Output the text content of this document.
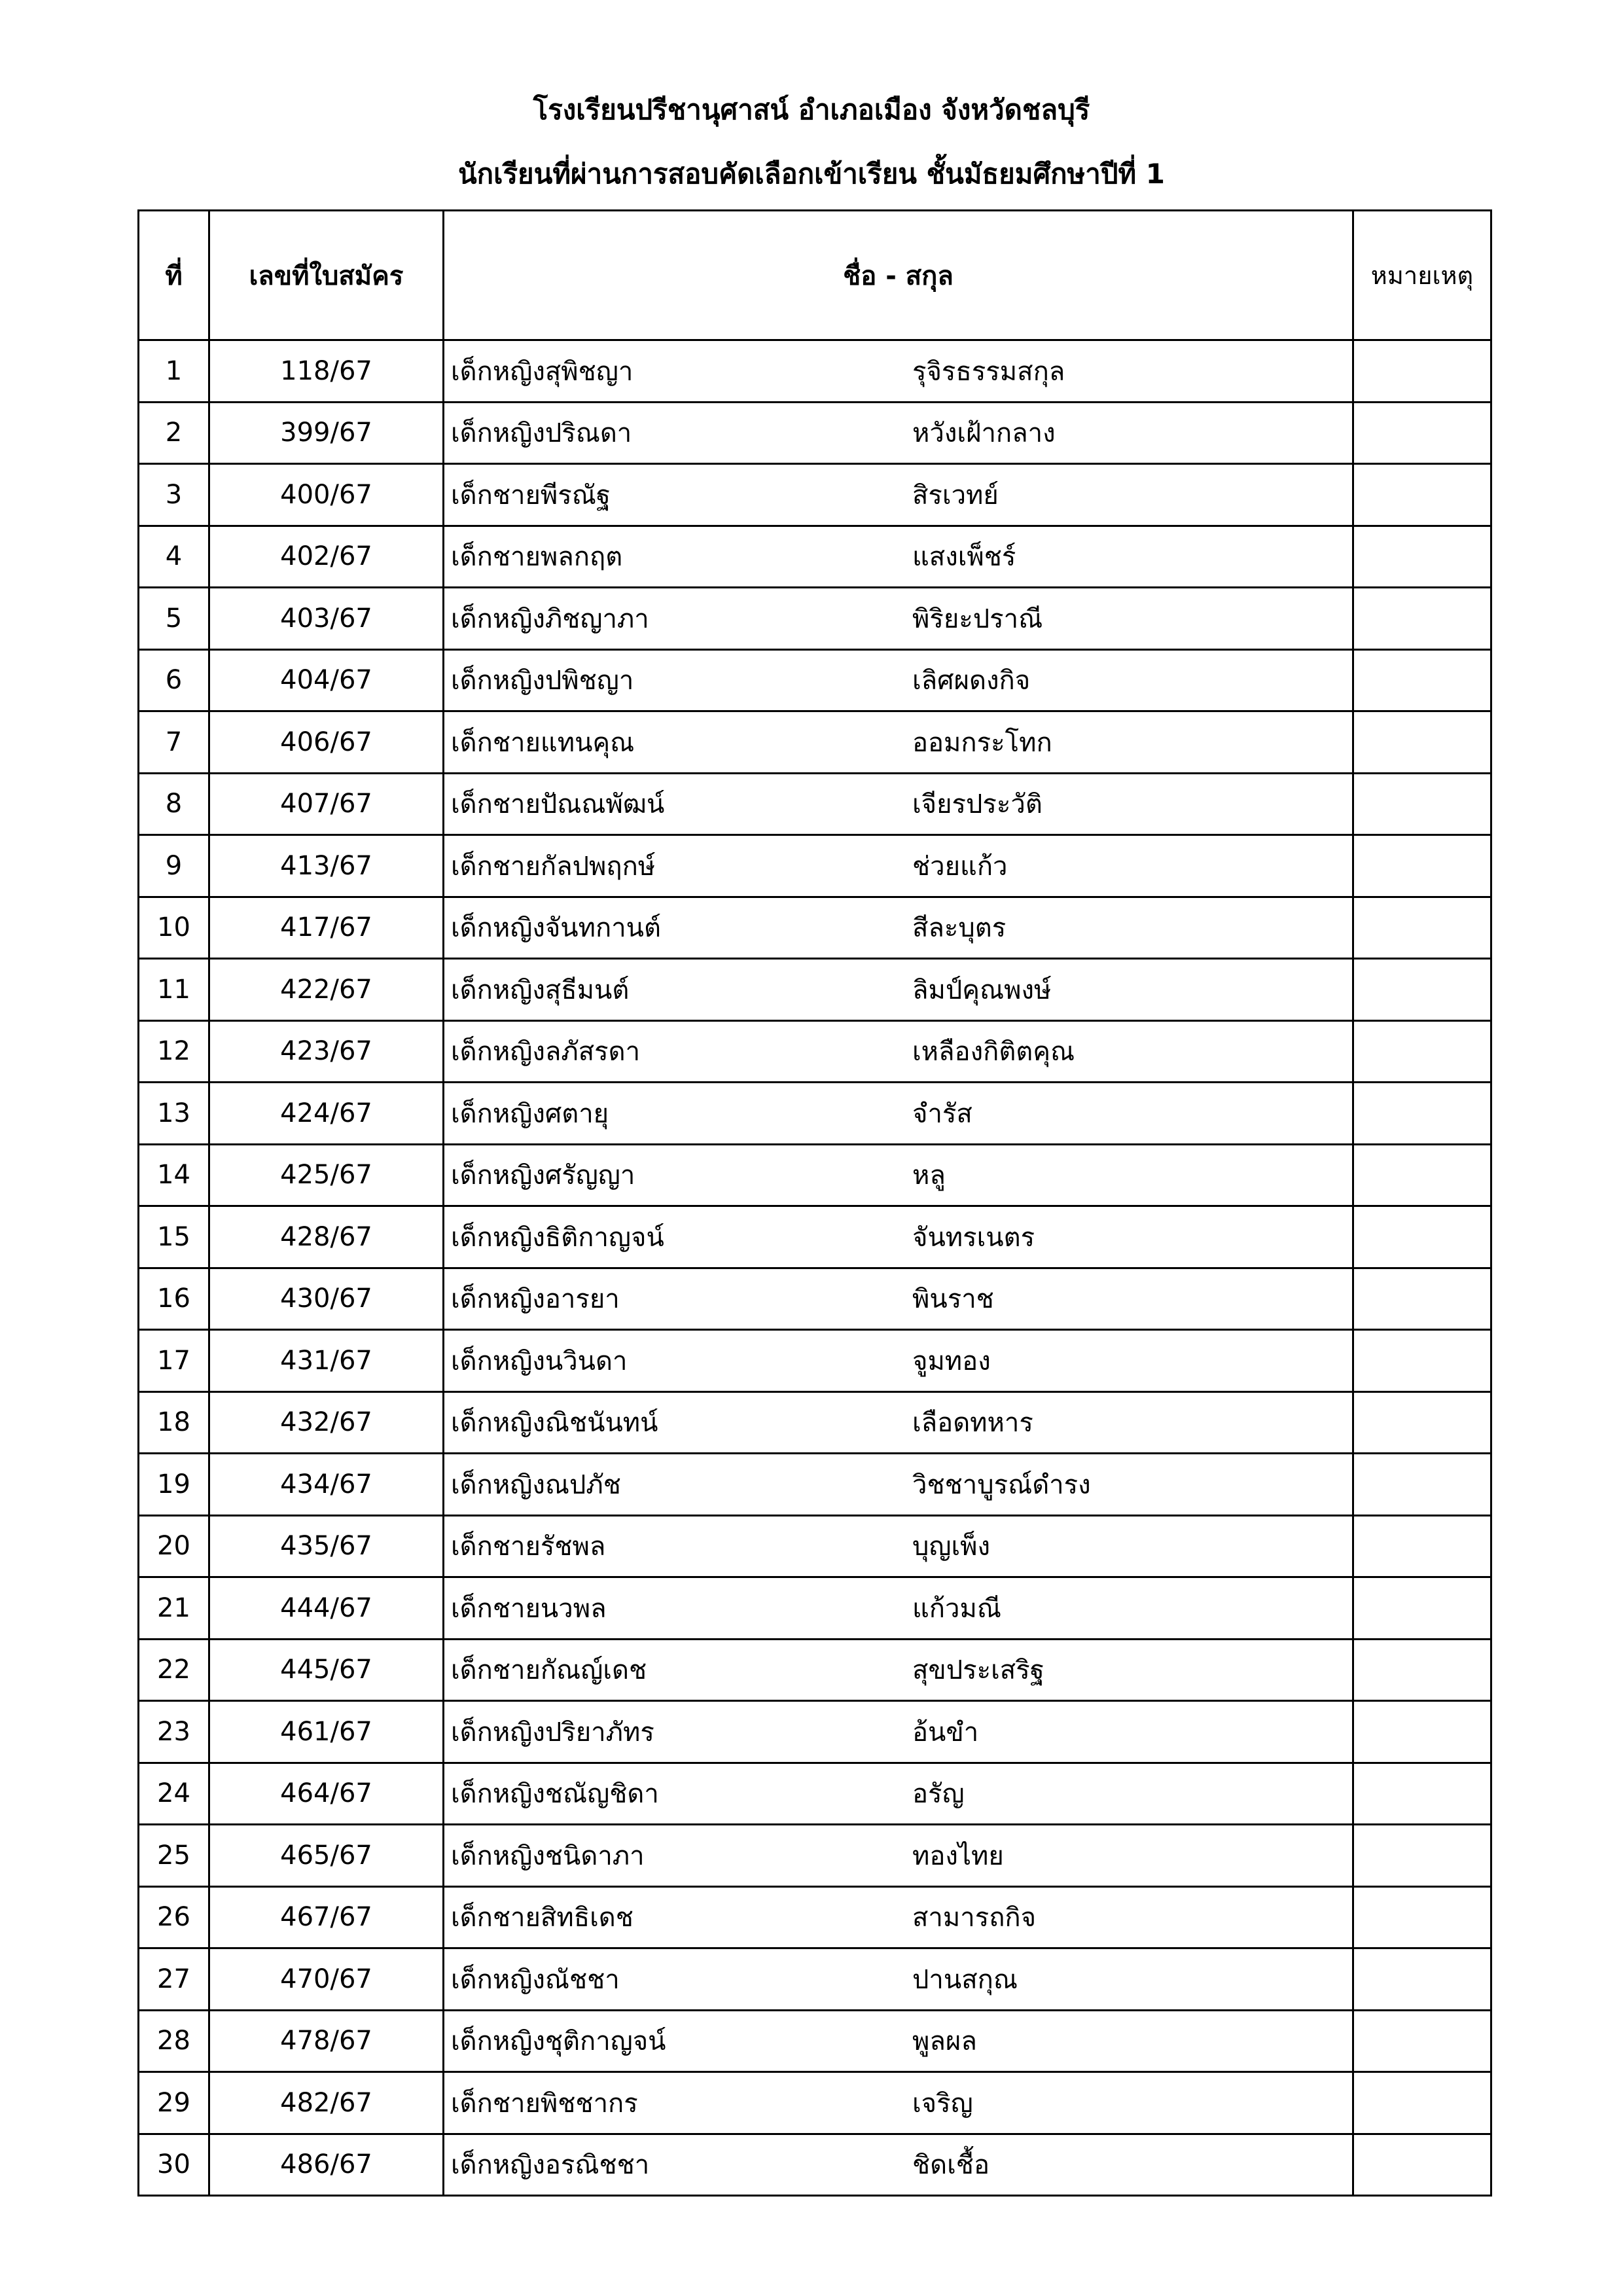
โรงเรียนปรีชานุศาสน์ อำเภอเมือง จังหวัดชลบุรี
นักเรียนที่ผ่านการสอบคัดเลือกเข้าเรียน ชั้นมัธยมศึกษาปีที่ 1
ที่	เลขที่ใบสมัคร	ชื่อ - สกุล	หมายเหตุ
1	118/67	เด็กหญิงสุพิชญา รุจิรธรรมสกุล	
2	399/67	เด็กหญิงปริณดา หวังเฝ้ากลาง	
3	400/67	เด็กชายพีรณัฐ สิรเวทย์	
4	402/67	เด็กชายพลกฤต แสงเพ็ชร์	
5	403/67	เด็กหญิงภิชญาภา พิริยะปราณี	
6	404/67	เด็กหญิงปพิชญา เลิศผดงกิจ	
7	406/67	เด็กชายแทนคุณ ออมกระโทก	
8	407/67	เด็กชายปัณณพัฒน์ เจียรประวัติ	
9	413/67	เด็กชายกัลปพฤกษ์ ช่วยแก้ว	
10	417/67	เด็กหญิงจันทกานต์ สีละบุตร	
11	422/67	เด็กหญิงสุธีมนต์ ลิมป์คุณพงษ์	
12	423/67	เด็กหญิงลภัสรดา เหลืองกิติตคุณ	
13	424/67	เด็กหญิงศตายุ จำรัส	
14	425/67	เด็กหญิงศรัญญา หลู	
15	428/67	เด็กหญิงธิติกาญจน์ จันทรเนตร	
16	430/67	เด็กหญิงอารยา พินราช	
17	431/67	เด็กหญิงนวินดา จูมทอง	
18	432/67	เด็กหญิงณิชนันทน์ เลือดทหาร	
19	434/67	เด็กหญิงณปภัช วิชชาบูรณ์ดำรง	
20	435/67	เด็กชายรัชพล บุญเพ็ง	
21	444/67	เด็กชายนวพล แก้วมณี	
22	445/67	เด็กชายกัณญ์เดช สุขประเสริฐ	
23	461/67	เด็กหญิงปริยาภัทร อ้นขำ	
24	464/67	เด็กหญิงชณัญชิดา อรัญ	
25	465/67	เด็กหญิงชนิดาภา ทองไทย	
26	467/67	เด็กชายสิทธิเดช สามารถกิจ	
27	470/67	เด็กหญิงณัชชา ปานสกุณ	
28	478/67	เด็กหญิงชุติกาญจน์ พูลผล	
29	482/67	เด็กชายพิชชากร เจริญ	
30	486/67	เด็กหญิงอรณิชชา ชิดเชื้อ	
